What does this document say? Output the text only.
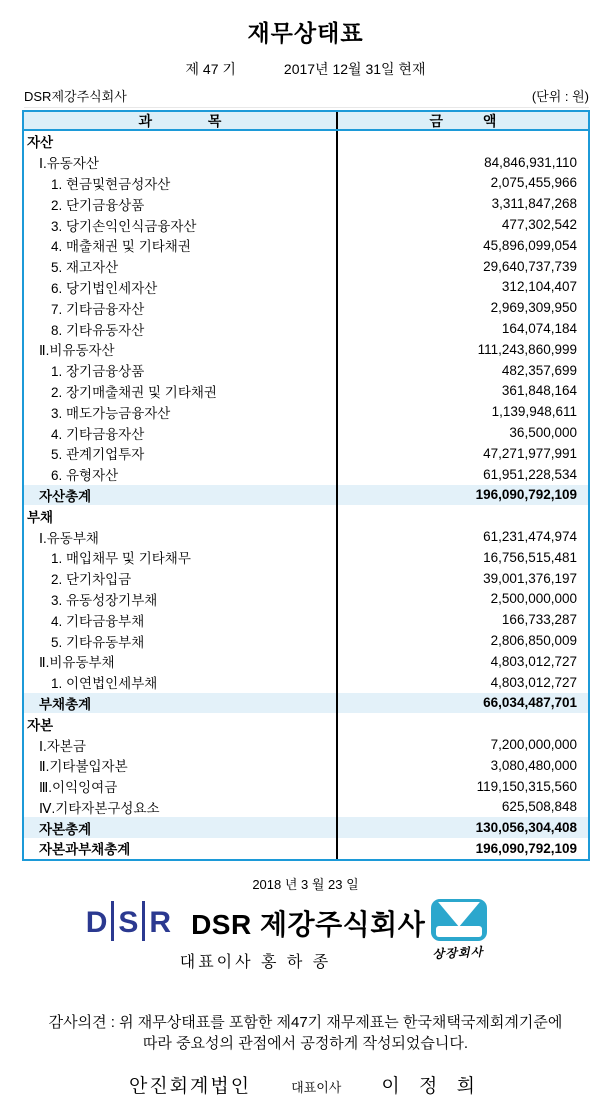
재무상태표
제 47 기	2017년 12월 31일 현재
DSR제강주식회사	(단위 : 원)
과 목	금 액
자산
Ⅰ.유동자산	84,846,931,110
1. 현금및현금성자산	2,075,455,966
2. 단기금융상품	3,311,847,268
3. 당기손익인식금융자산	477,302,542
4. 매출채권 및 기타채권	45,896,099,054
5. 재고자산	29,640,737,739
6. 당기법인세자산	312,104,407
7. 기타금융자산	2,969,309,950
8. 기타유동자산	164,074,184
Ⅱ.비유동자산	111,243,860,999
1. 장기금융상품	482,357,699
2. 장기매출채권 및 기타채권	361,848,164
3. 매도가능금융자산	1,139,948,611
4. 기타금융자산	36,500,000
5. 관계기업투자	47,271,977,991
6. 유형자산	61,951,228,534
자산총계	196,090,792,109
부채
Ⅰ.유동부채	61,231,474,974
1. 매입채무 및 기타채무	16,756,515,481
2. 단기차입금	39,001,376,197
3. 유동성장기부채	2,500,000,000
4. 기타금융부채	166,733,287
5. 기타유동부채	2,806,850,009
Ⅱ.비유동부채	4,803,012,727
1. 이연법인세부채	4,803,012,727
부채총계	66,034,487,701
자본
Ⅰ.자본금	7,200,000,000
Ⅱ.기타불입자본	3,080,480,000
Ⅲ.이익잉여금	119,150,315,560
Ⅳ.기타자본구성요소	625,508,848
자본총계	130,056,304,408
자본과부채총계	196,090,792,109
2018 년 3 월 23 일
D S R DSR 제강주식회사
대표이사 홍 하 종
상장회사
감사의견 : 위 재무상태표를 포함한 제47기 재무제표는 한국채택국제회계기준에
따라 중요성의 관점에서 공정하게 작성되었습니다.
안진회계법인	대표이사 이 정 희
